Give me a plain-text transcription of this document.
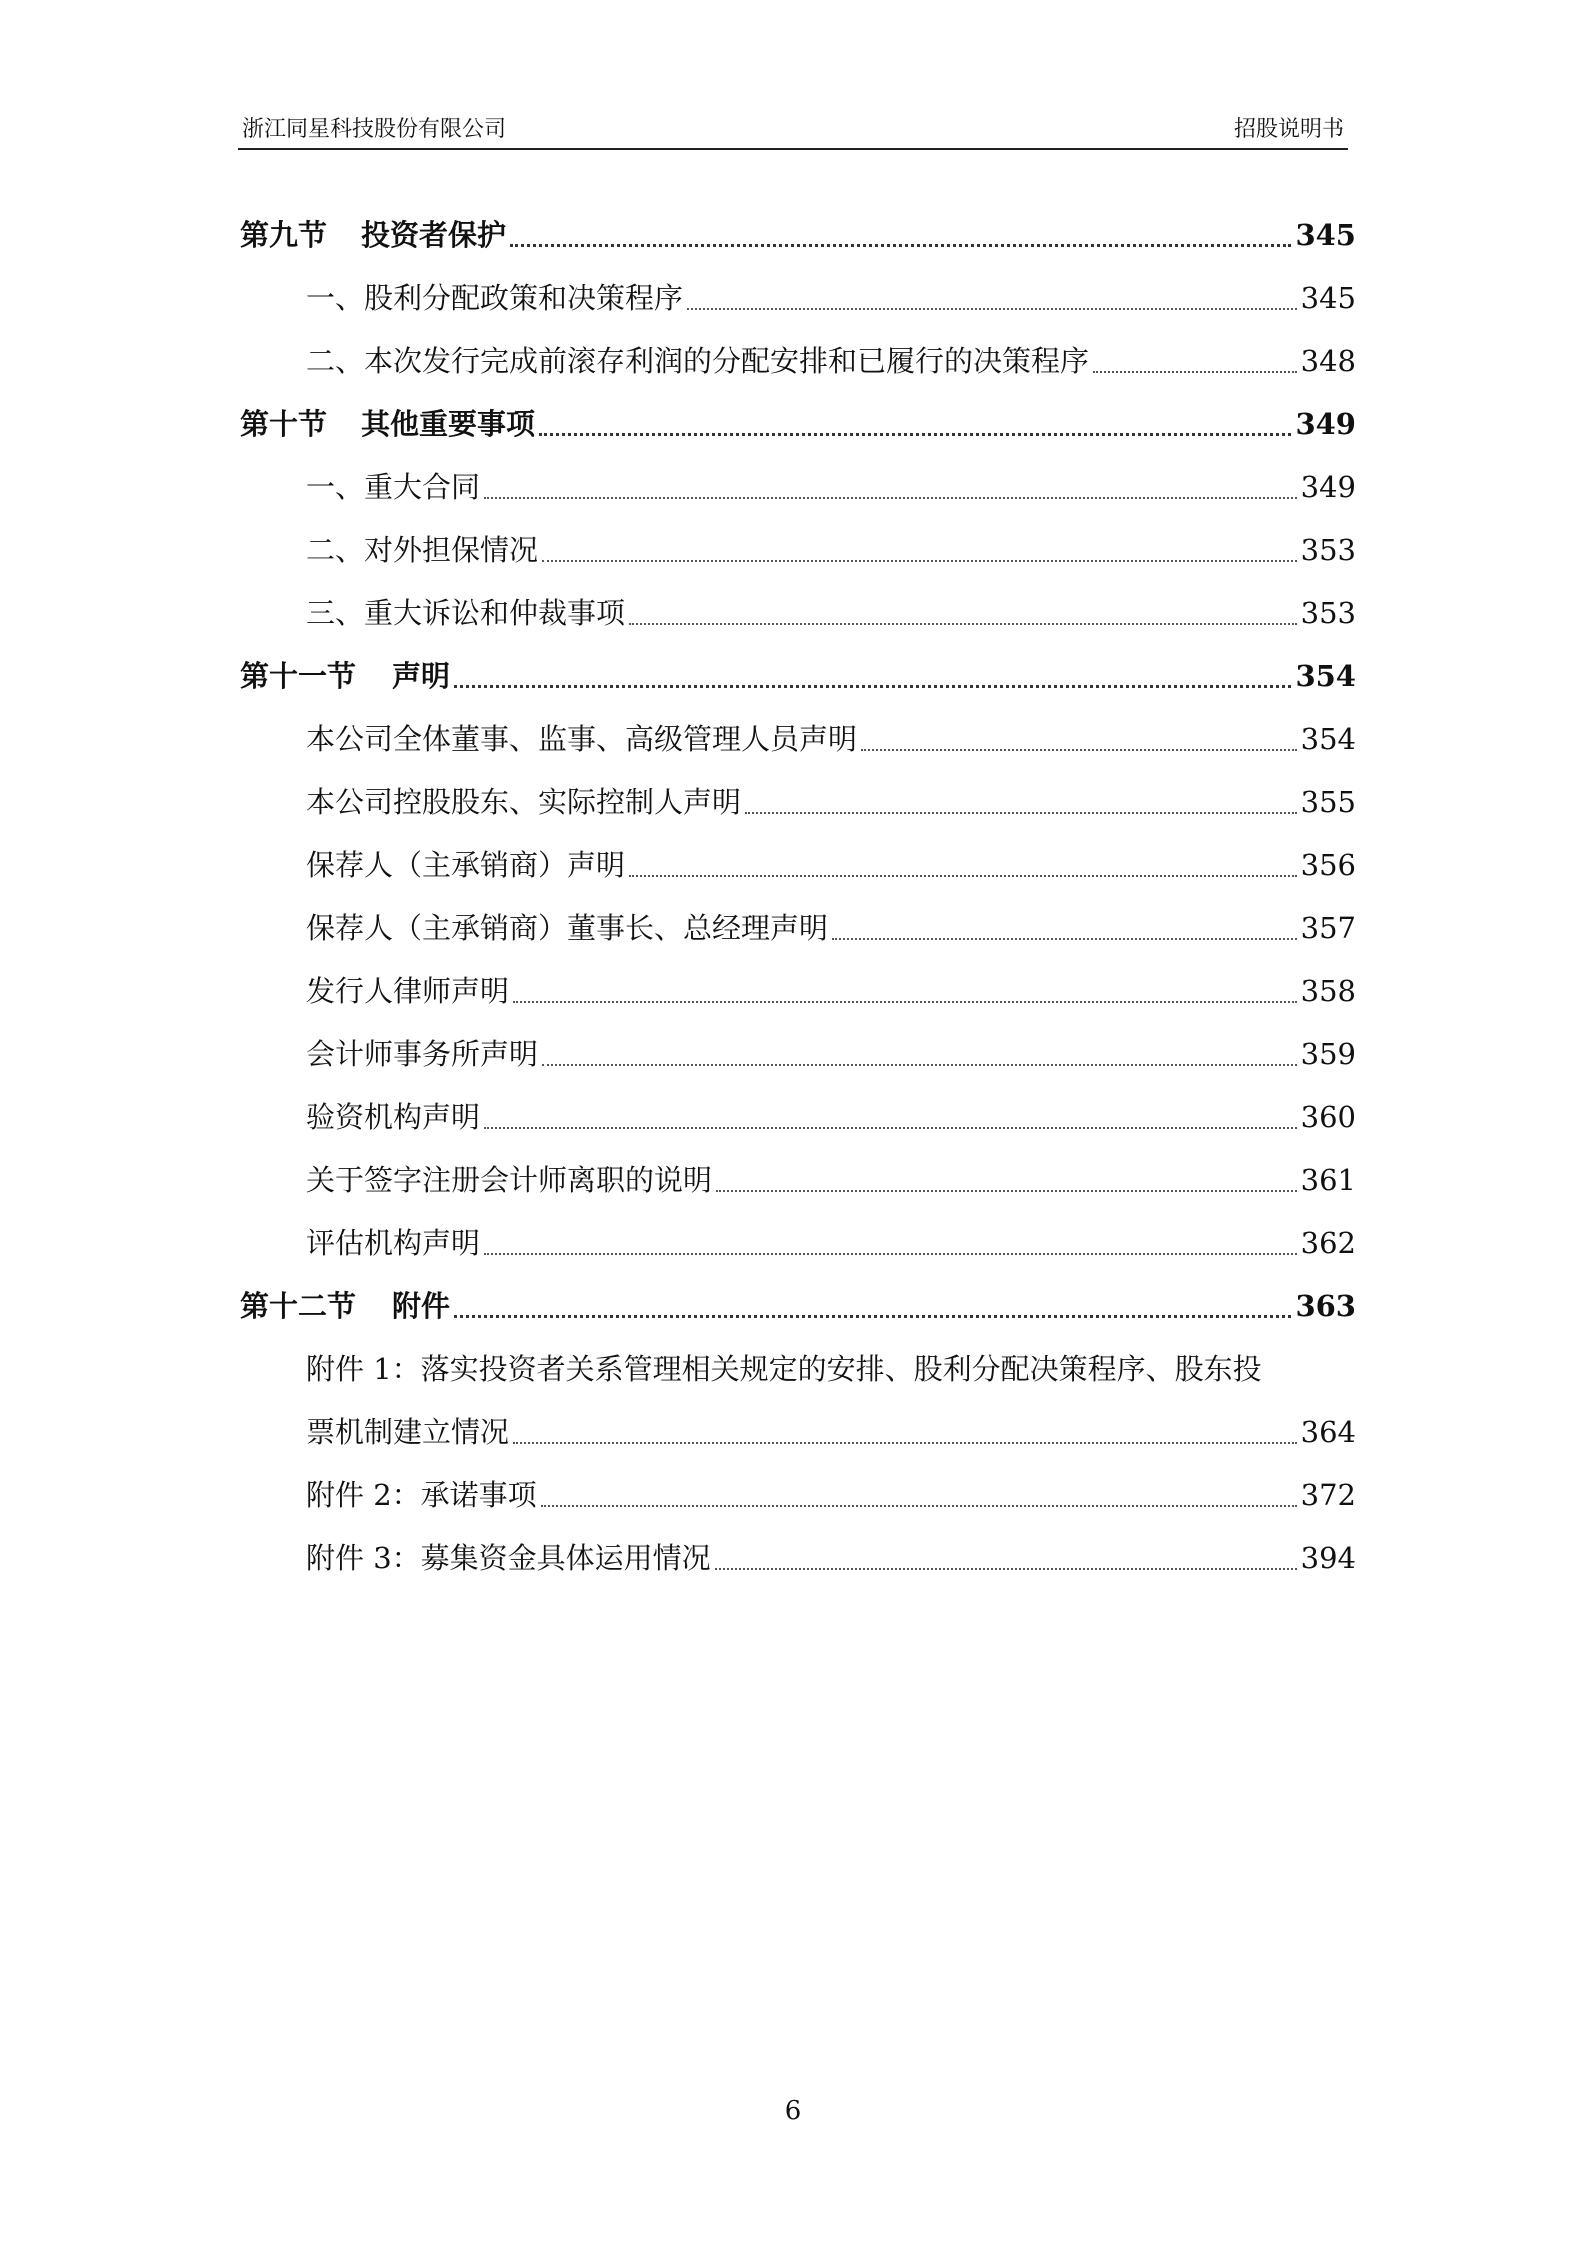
浙江同星科技股份有限公司	招股说明书
第九节 投资者保护	345
一、股利分配政策和决策程序	345
二、本次发行完成前滚存利润的分配安排和已履行的决策程序	348
第十节 其他重要事项	349
一、重大合同	349
二、对外担保情况	353
三、重大诉讼和仲裁事项	353
第十一节 声明	354
本公司全体董事、监事、高级管理人员声明	354
本公司控股股东、实际控制人声明	355
保荐人（主承销商）声明	356
保荐人（主承销商）董事长、总经理声明	357
发行人律师声明	358
会计师事务所声明	359
验资机构声明	360
关于签字注册会计师离职的说明	361
评估机构声明	362
第十二节 附件	363
附件 1：落实投资者关系管理相关规定的安排、股利分配决策程序、股东投
票机制建立情况	364
附件 2：承诺事项	372
附件 3：募集资金具体运用情况	394
6
